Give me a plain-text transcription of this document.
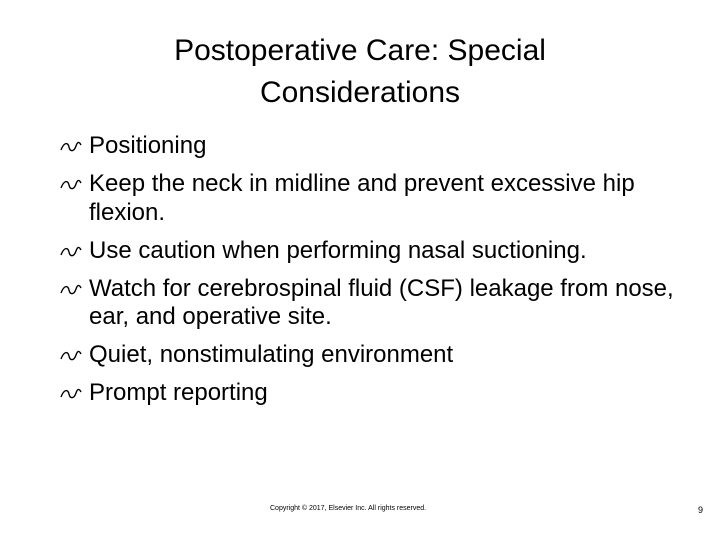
Postoperative Care: Special Considerations
Positioning
Keep the neck in midline and prevent excessive hip flexion.
Use caution when performing nasal suctioning.
Watch for cerebrospinal fluid (CSF) leakage from nose, ear, and operative site.
Quiet, nonstimulating environment
Prompt reporting
Copyright © 2017, Elsevier Inc. All rights reserved.	9
